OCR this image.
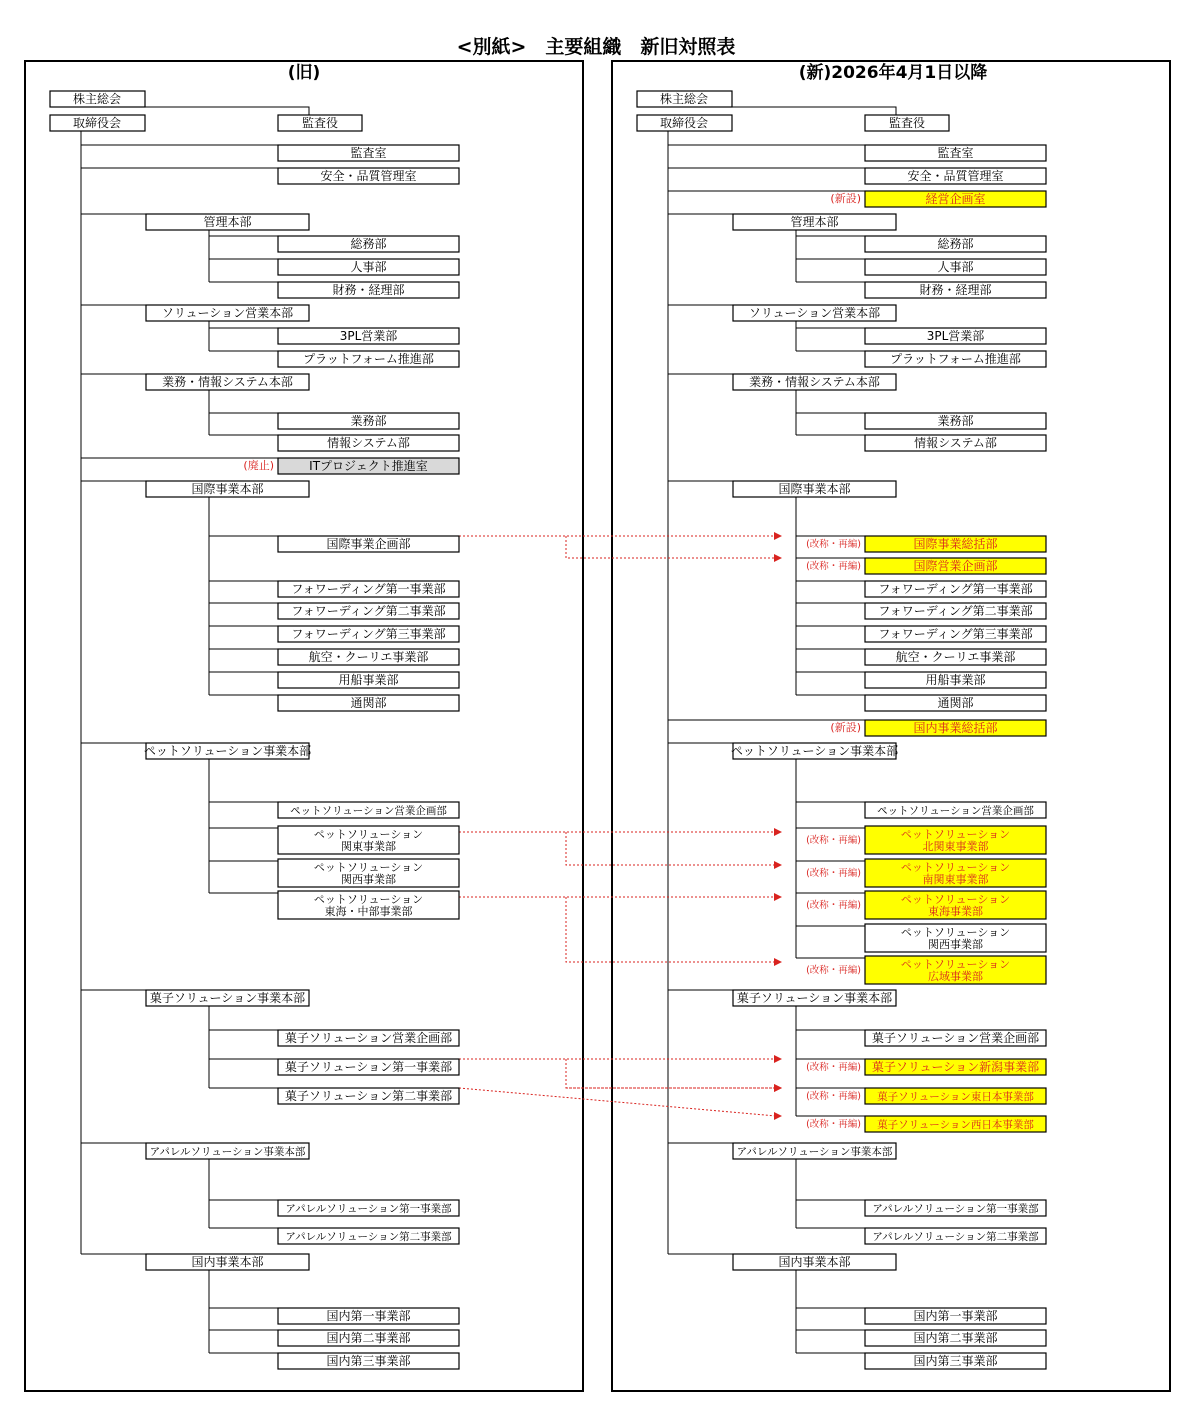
<別紙>　主要組織　新旧対照表
株主総会
取締役会	監査役
監査室
安全・品質管理室
管理本部
総務部
人事部
財務・経理部
ソリューション営業本部
3PL営業部
プラットフォーム推進部
業務・情報システム本部
業務部
情報システム部
ITプロジェクト推進室
(廃止)
国際事業本部
国際事業企画部
フォワーディング第一事業部
フォワーディング第二事業部
フォワーディング第三事業部
航空・クーリエ事業部
用船事業部
通関部
ペットソリューション事業本部
ペットソリューション営業企画部
ペットソリューション
関東事業部
ペットソリューション
関西事業部
ペットソリューション
東海・中部事業部
菓子ソリューション事業本部
菓子ソリューション営業企画部
菓子ソリューション第一事業部
菓子ソリューション第二事業部
アパレルソリューション事業本部
アパレルソリューション第一事業部
アパレルソリューション第二事業部
国内事業本部
国内第一事業部
国内第二事業部
国内第三事業部
(旧)
株主総会
取締役会	監査役
監査室
安全・品質管理室
経営企画室
(新設)
管理本部
総務部
人事部
財務・経理部
ソリューション営業本部
3PL営業部
プラットフォーム推進部
業務・情報システム本部
業務部
情報システム部
国際事業本部
国際事業総括部
(改称・再編)
国際営業企画部
(改称・再編)
フォワーディング第一事業部
フォワーディング第二事業部
フォワーディング第三事業部
航空・クーリエ事業部
用船事業部
通関部
国内事業総括部
(新設)
ペットソリューション事業本部
ペットソリューション営業企画部
ペットソリューション
北関東事業部
(改称・再編)
ペットソリューション
南関東事業部
(改称・再編)
ペットソリューション
東海事業部
(改称・再編)
ペットソリューション
関西事業部
ペットソリューション
広域事業部
(改称・再編)
菓子ソリューション事業本部
菓子ソリューション営業企画部
菓子ソリューション新潟事業部
(改称・再編)
菓子ソリューション東日本事業部
(改称・再編)
菓子ソリューション西日本事業部
(改称・再編)
アパレルソリューション事業本部
アパレルソリューション第一事業部
アパレルソリューション第二事業部
国内事業本部
国内第一事業部
国内第二事業部
国内第三事業部
(新)2026年4月1日以降
